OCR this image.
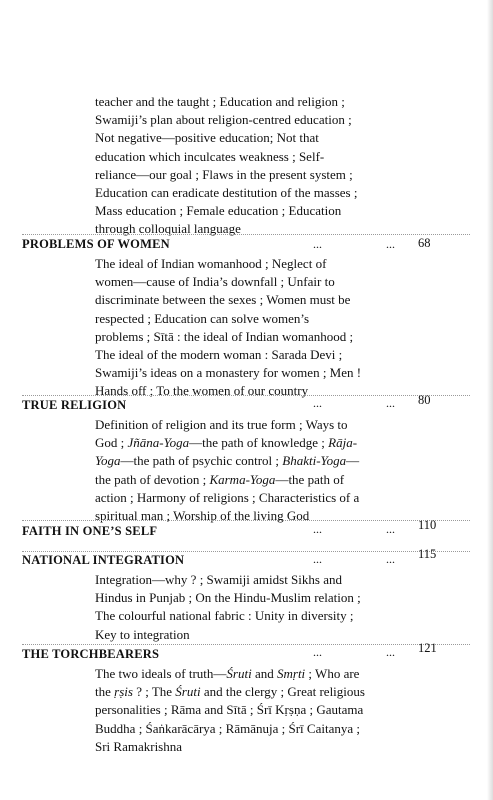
teacher and the taught ; Education and religion ;
Swamiji’s plan about religion-centred education ;
Not negative—positive education; Not that
education which inculcates weakness ; Self-
reliance—our goal ; Flaws in the present system ;
Education can eradicate destitution of the masses ;
Mass education ; Female education ; Education
through colloquial language
PROBLEMS OF WOMEN	...	... 68
The ideal of Indian womanhood ; Neglect of
women—cause of India’s downfall ; Unfair to
discriminate between the sexes ; Women must be
respected ; Education can solve women’s
problems ; Sītā : the ideal of Indian womanhood ;
The ideal of the modern woman : Sarada Devi ;
Swamiji’s ideas on a monastery for women ; Men !
Hands off ; To the women of our country
TRUE RELIGION	...	... 80
Definition of religion and its true form ; Ways to
God ; Jñāna-Yoga—the path of knowledge ; Rāja-
Yoga—the path of psychic control ; Bhakti-Yoga—
the path of devotion ; Karma-Yoga—the path of
action ; Harmony of religions ; Characteristics of a
spiritual man ; Worship of the living God
FAITH IN ONE’S SELF	...	... 110
NATIONAL INTEGRATION	...	... 115
Integration—why ? ; Swamiji amidst Sikhs and
Hindus in Punjab ; On the Hindu-Muslim relation ;
The colourful national fabric : Unity in diversity ;
Key to integration
THE TORCHBEARERS	...	... 121
The two ideals of truth—Śruti and Smṛti ; Who are
the ṛṣis ? ; The Śruti and the clergy ; Great religious
personalities ; Rāma and Sītā ; Śrī Kṛṣṇa ; Gautama
Buddha ; Śaṅkarācārya ; Rāmānuja ; Śrī Caitanya ;
Sri Ramakrishna
